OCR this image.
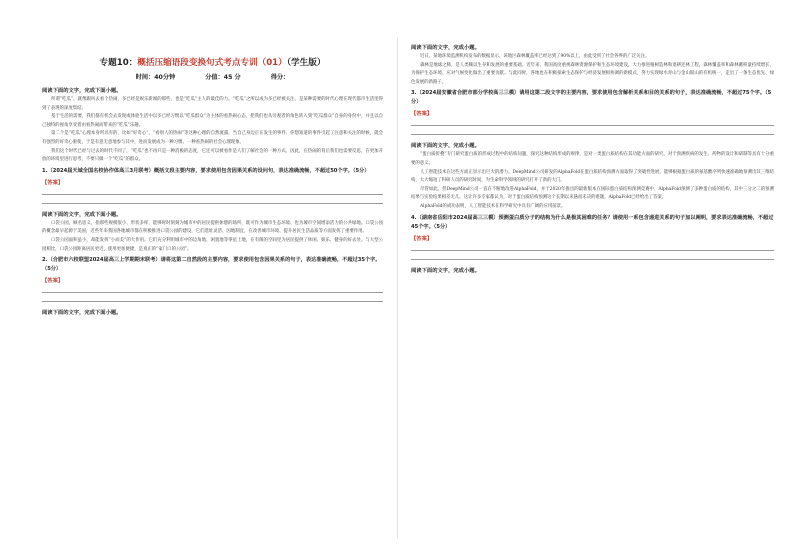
专题10：概括压缩语段变换句式考点专训（01）（学生版）
时间：40分钟	分值：45 分	得分：
阅读下面的文字，完成下面小题。

所谓“吃瓜”，就像跟风去看个热闹，多已经是娱乐新闻的那些，也是“吃瓜”主人的最佳的力。“吃瓜”之所以成为多已经被关注，是某种需要的时代心理在现代都市生活里得到了表现的深度集结。

基于生活的需要，我们都有机会去发现或体验生活中以多已经习惯以“吃瓜群众”为主体的看热闹心态，把我们也从旁观者的角色转入到“吃瓜群众”自身的身份中，并且以自己独特的视角享受着由看热闹而带来的“吃瓜”乐趣。

第二个是“吃瓜”心理本身所具有的、比如“好奇心”，“看别人的热闹”等这种心理的自然流露，当自己身边正在发生的事件、你想知道的事件引起了注意和关注的时候，就会有强烈的好奇心驱使，于是有意无意地参与其中，进而发展成为一种习惯、一种看热闹的社会心理现象。

我们这个时代已经与过去的时代不同了，“吃瓜”也不再只是一种消极的态度，它还可以被看作是人们了解社会的一种方式。因此，在热闹的背后我们也需要反思，在更加开放的环境里进行思考，不要只做一个“吃瓜”的群众。

1.（2024届天域全国名校协作体高三3月联考）概括文段主要内容，要求使用包含因果关系的设问句，表达准确流畅，不超过50个字。（5分）
【答案】
阅读下面的文字，完成下面小题。

口袋公园，顾名思义，指那些规模很小、形状多样，能够时时刻刻为城市中的居民提供休憩的场所，既可作为城市生态环境、也为城市空间增添活力的公共绿地。口袋公园的概念最早起源于美国，近些年来我国各地城市都在积极推进口袋公园的建设，它们选址灵活、因地制宜，在改善城市环境、提升居民生活品质等方面发挥了重要作用。

口袋公园面积虽小，却能发挥“小而美”的大作用。它们充分利用城市中的边角地、闲置地等零星土地，在有限的空间里为居民提供了休闲、娱乐、健身的好去处。与大型公园相比，口袋公园距离居民更近，使用更加便捷，是真正的“家门口的公园”。

2.（合肥市六校联盟2024届高三上学期期末联考）请将这第二自然段的主要内容，要求使用包含因果关系的句子，表达准确流畅，不超过35个字。（5分）
【答案】
阅读下面的文字，完成下面小题。
阅读下面的文字，完成小题。

近日，某地环境监测机构发布的数据显示，该地区森林覆盖率已经达到了90%以上，由此受到了社会各界的广泛关注。

森林是地球之肺，是人类赖以生存和发展的重要基础。近年来，我国高度重视森林资源保护和生态环境建设，大力推进植树造林和退耕还林工程，森林覆盖率和森林蓄积量持续增长，为保护生态环境、应对气候变化做出了重要贡献。与此同时，各地也在积极探索生态保护与经济发展相协调的新模式，努力实现绿水青山与金山银山的有机统一，走出了一条生态优先、绿色发展的新路子。

3.（2024届安徽省合肥市部分学校高三三模）请用这第二段文字的主要内容，要求使用包含解析关系和目的关系的句子，表达准确流畅，不超过75个字。（5分）
【答案】
阅读下面的文字，完成小题。

“蛋白质折叠”专门研究蛋白质的形成过程中的结构问题，探究这种结构形成的规律，是对一类蛋白质结构在其功能方面的研究，对于预测疾病的发生、药物的设计和研制等具有十分重要的意义。

人工智能技术在这些方面正显示出巨大的潜力。DeepMind公司研发的AlphaFold在蛋白质结构预测方面取得了突破性进展，能够根据蛋白质的氨基酸序列快速准确地预测出其三维结构，大大缩短了科研人员的研究时间，为生命科学领域的研究打开了新的大门。

尽管如此，但DeepMind公司一直在不断地改进AlphaFold，并于2020年推出的最新版本在国际蛋白质结构预测竞赛中，AlphaFold预测了多种蛋白质的结构，其中三分之二的预测结果与实验结果相差无几。这让许多专家都认为，对于蛋白质结构预测这个长期以来悬而未决的难题，AlphaFold已经给出了答案。

AlphaFold的成功表明，人工智能技术在科学研究中具有广阔的应用前景。

4.（湖南省岳阳市2024届高三三模）预测蛋白质分子的结构为什么是极其困难的任务？请使用一系包含递进关系的句子加以阐明，要求表达准确流畅，不超过45个字。（5分）
【答案】
阅读下面的文字，完成小题。
